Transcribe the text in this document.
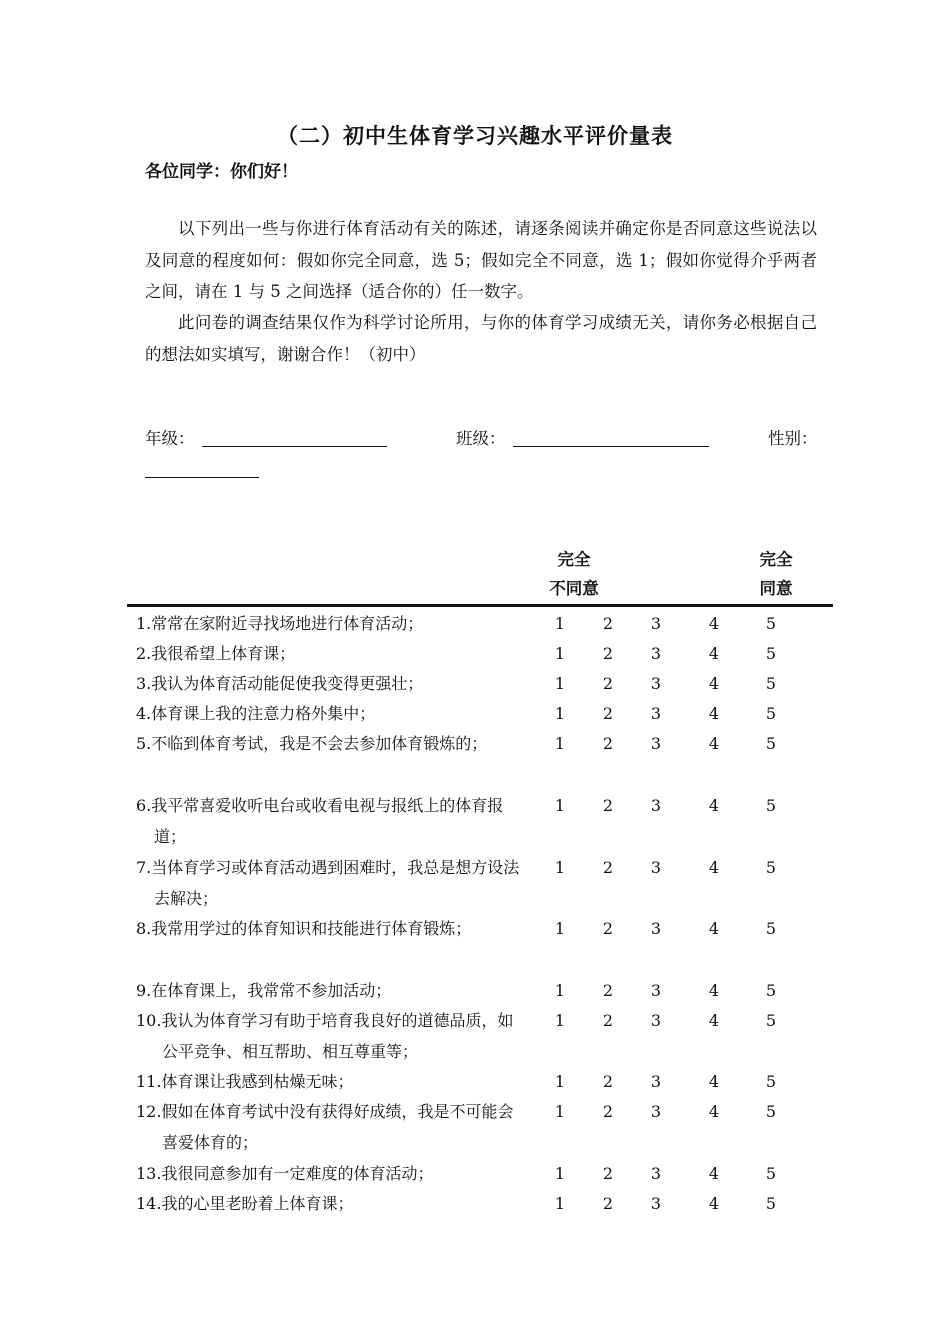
（二）初中生体育学习兴趣水平评价量表
各位同学：你们好！

以下列出一些与你进行体育活动有关的陈述，请逐条阅读并确定你是否同意这些说法以及同意的程度如何：假如你完全同意，选 5；假如完全不同意，选 1；假如你觉得介乎两者之间，请在 1 与 5 之间选择（适合你的）任一数字。

此问卷的调查结果仅作为科学讨论所用，与你的体育学习成绩无关，请你务必根据自己的想法如实填写，谢谢合作！（初中）

年级：	班级：	性别：
完全
不同意
完全
同意
1.常常在家附近寻找场地进行体育活动；	1	2	3	4	5
2.我很希望上体育课；	1	2	3	4	5
3.我认为体育活动能促使我变得更强壮；	1	2	3	4	5
4.体育课上我的注意力格外集中；	1	2	3	4	5
5.不临到体育考试，我是不会去参加体育锻炼的；	1	2	3	4	5
6.我平常喜爱收听电台或收看电视与报纸上的体育报道；
1	2	3	4	5
7.当体育学习或体育活动遇到困难时，我总是想方设法去解决；
1	2	3	4	5
8.我常用学过的体育知识和技能进行体育锻炼；	1	2	3	4	5
9.在体育课上，我常常不参加活动；	1	2	3	4	5
10.我认为体育学习有助于培育我良好的道德品质，如公平竞争、相互帮助、相互尊重等；
1	2	3	4	5
11.体育课让我感到枯燥无味；	1	2	3	4	5
12.假如在体育考试中没有获得好成绩，我是不可能会喜爱体育的；
1	2	3	4	5
13.我很同意参加有一定难度的体育活动；	1	2	3	4	5
14.我的心里老盼着上体育课；	1	2	3	4	5
